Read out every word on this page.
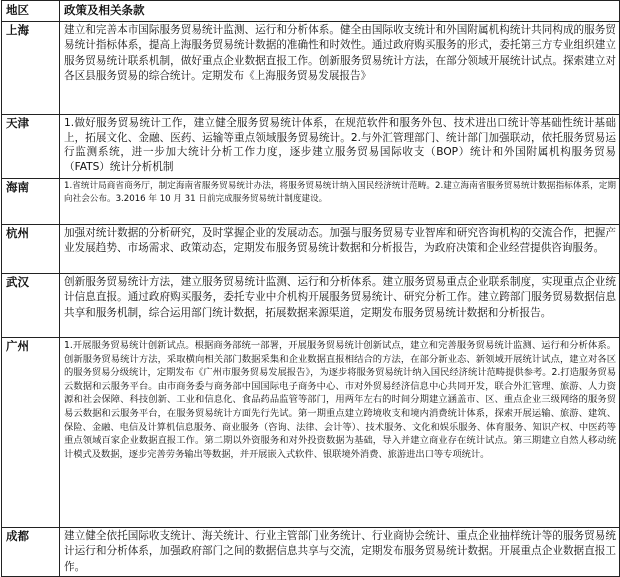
地区	政策及相关条款
上海	建立和完善本市国际服务贸易统计监测、运行和分析体系。健全由国际收支统计和外国附属机构统计共同构成的服务贸易统计指标体系，提高上海服务贸易统计数据的准确性和时效性。通过政府购买服务的形式，委托第三方专业组织建立服务贸易统计联系机制，做好重点企业数据直报工作。创新服务贸易统计方法，在部分领域开展统计试点。探索建立对各区县服务贸易的综合统计。定期发布《上海服务贸易发展报告》
天津	1.做好服务贸易统计工作，建立健全服务贸易统计体系，在规范软件和服务外包、技术进出口统计等基础性统计基础上，拓展文化、金融、医药、运输等重点领域服务贸易统计。2.与外汇管理部门、统计部门加强联动，依托服务贸易运行监测系统，进一步加大统计分析工作力度，逐步建立服务贸易国际收支（BOP）统计和外国附属机构服务贸易（FATS）统计分析机制
海南	1.省统计局商省商务厅，制定海南省服务贸易统计办法，将服务贸易统计纳入国民经济统计范畴。2.建立海南省服务贸易统计数据指标体系，定期向社会公布。3.2016 年 10 月 31 日前完成服务贸易统计制度建设。
杭州	加强对统计数据的分析研究，及时掌握企业的发展动态。加强与服务贸易专业智库和研究咨询机构的交流合作，把握产业发展趋势、市场需求、政策动态，定期发布服务贸易统计数据和分析报告，为政府决策和企业经营提供咨询服务。
武汉	创新服务贸易统计方法，建立服务贸易统计监测、运行和分析体系。建立服务贸易重点企业联系制度，实现重点企业统计信息直报。通过政府购买服务，委托专业中介机构开展服务贸易统计、研究分析工作。建立跨部门服务贸易数据信息共享和服务机制，综合运用部门统计数据，拓展数据来源渠道，定期发布服务贸易统计数据和分析报告。
广州	1.开展服务贸易统计创新试点。根据商务部统一部署，开展服务贸易统计创新试点，建立和完善服务贸易统计监测、运行和分析体系。创新服务贸易统计方法，采取横向相关部门数据采集和企业数据直报相结合的方法，在部分新业态、新领域开展统计试点，建立对各区的服务贸易分级统计，定期发布《广州市服务贸易发展报告》，为逐步将服务贸易统计纳入国民经济统计范畴提供参考。2.打造服务贸易云数据和云服务平台。由市商务委与商务部中国国际电子商务中心、市对外贸易经济信息中心共同开发，联合外汇管理、旅游、人力资源和社会保障、科技创新、工业和信息化、食品药品监管等部门，用两年左右的时间分期建立涵盖市、区、重点企业三级网络的服务贸易云数据和云服务平台，在服务贸易统计方面先行先试。第一期重点建立跨境收支和境内消费统计体系，探索开展运输、旅游、建筑、保险、金融、电信及计算机信息服务、商业服务（咨询、法律、会计等）、技术服务、文化和娱乐服务、体育服务、知识产权、中医药等重点领域百家企业数据直报工作。第二期以外资服务和对外投资数据为基础，导入并建立商业存在统计试点。第三期建立自然人移动统计模式及数据，逐步完善劳务输出等数据，并开展嵌入式软件、银联境外消费、旅游进出口等专项统计。
成都	建立健全依托国际收支统计、海关统计、行业主管部门业务统计、行业商协会统计、重点企业抽样统计等的服务贸易统计运行和分析体系，加强政府部门之间的数据信息共享与交流，定期发布服务贸易统计数据。开展重点企业数据直报工作。
